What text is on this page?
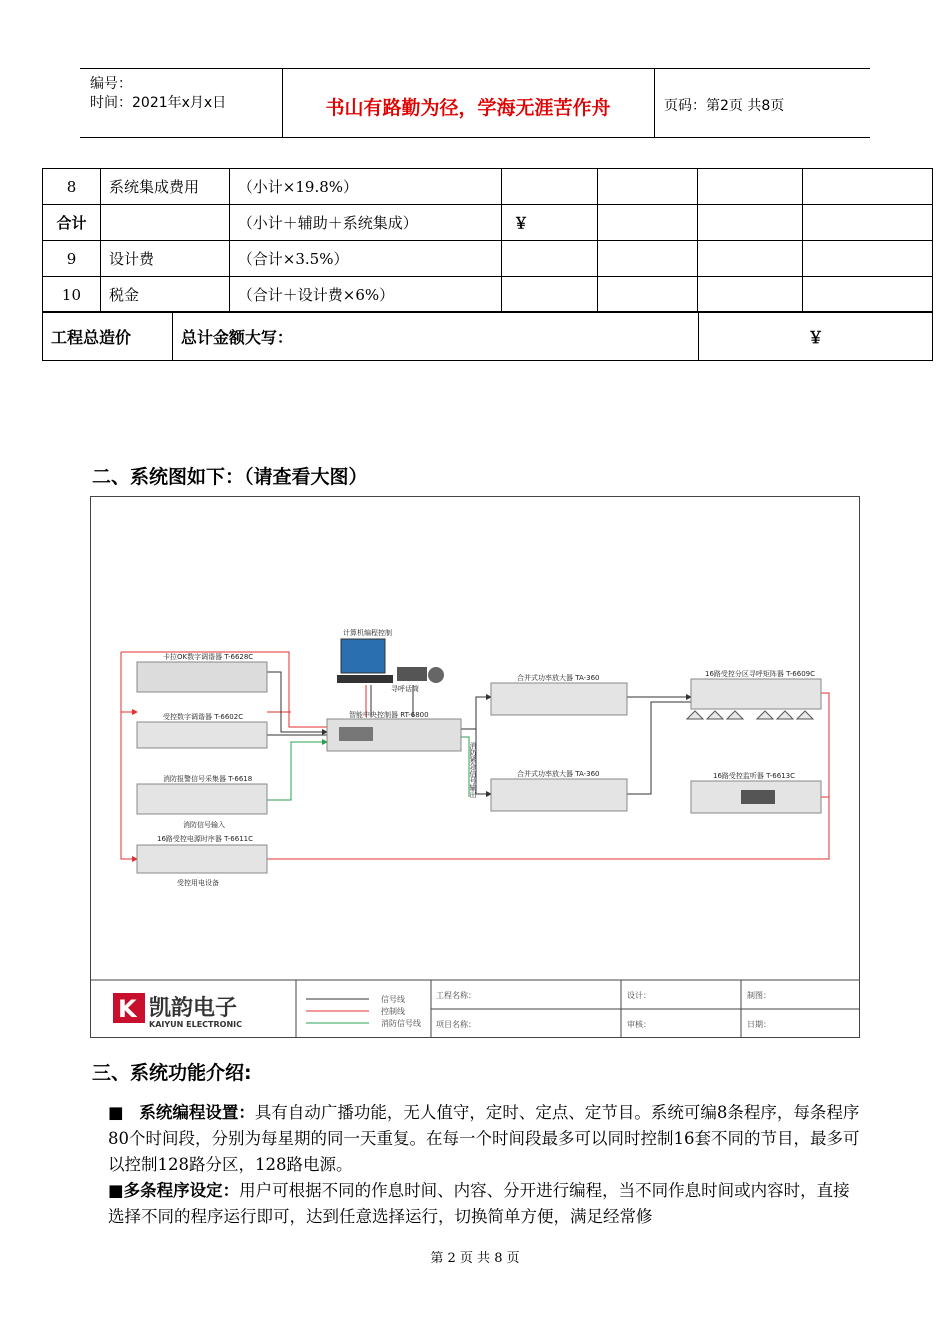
编号：
时间：2021年x月x日	书山有路勤为径，学海无涯苦作舟	页码：第2页 共8页
8	系统集成费用	（小计×19.8%）				
合计		（小计＋辅助＋系统集成）	￥			
9	设计费	（合计×3.5%）				
10	税金	（合计＋设计费×6%）				
工程总造价	总计金额大写：	￥
二、系统图如下：（请查看大图）
卡拉OK数字调谐器 T-6628C
受控数字调谐器 T-6602C
消防报警信号采集器 T-6618
16路受控电源时序器 T-6611C
智能中央控制器 RT-6800
合并式功率放大器 TA-360
合并式功率放大器 TA-360
16路受控分区寻呼矩阵器 T-6609C
16路受控监听器 T-6613C
消防信号输入
受控用电设备
寻呼话筒
计算机编程控制
消防紧急信号输出
信号线
控制线
消防信号线
工程名称：
项目名称：
设计：
审核：
制图：
日期：
K 凯韵电子
KAIYUN ELECTRONIC
三、系统功能介绍:
■ 系统编程设置：具有自动广播功能，无人值守，定时、定点、定节目。系统可编8条程序，每条程序80个时间段，分别为每星期的同一天重复。在每一个时间段最多可以同时控制16套不同的节目，最多可以控制128路分区，128路电源。
■多条程序设定：用户可根据不同的作息时间、内容、分开进行编程，当不同作息时间或内容时，直接选择不同的程序运行即可，达到任意选择运行，切换简单方便，满足经常修
第 2 页 共 8 页
